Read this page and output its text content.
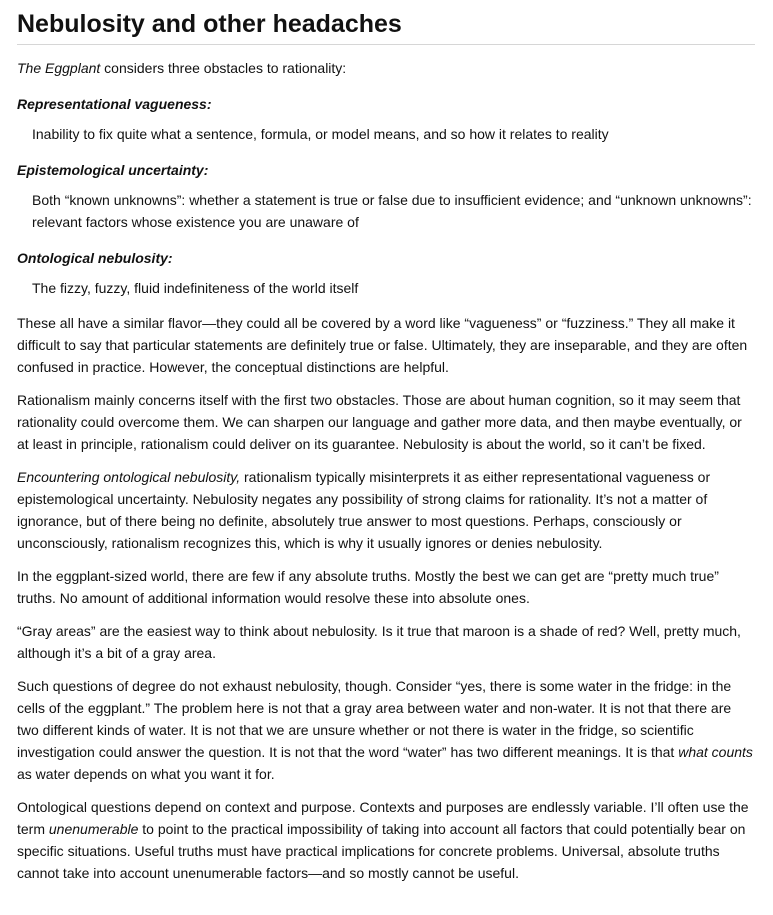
Nebulosity and other headaches

The Eggplant considers three obstacles to rationality:

Representational vagueness:

Inability to fix quite what a sentence, formula, or model means, and so how it relates to reality

Epistemological uncertainty:

Both “known unknowns”: whether a statement is true or false due to insufficient evidence; and “unknown unknowns”: relevant factors whose existence you are unaware of

Ontological nebulosity:

The fizzy, fuzzy, fluid indefiniteness of the world itself

These all have a similar flavor—they could all be covered by a word like “vagueness” or “fuzziness.” They all make it difficult to say that particular statements are definitely true or false. Ultimately, they are inseparable, and they are often confused in practice. However, the conceptual distinctions are helpful.

Rationalism mainly concerns itself with the first two obstacles. Those are about human cognition, so it may seem that rationality could overcome them. We can sharpen our language and gather more data, and then maybe eventually, or at least in principle, rationalism could deliver on its guarantee. Nebulosity is about the world, so it can’t be fixed.

Encountering ontological nebulosity, rationalism typically misinterprets it as either representational vagueness or epistemological uncertainty. Nebulosity negates any possibility of strong claims for rationality. It’s not a matter of ignorance, but of there being no definite, absolutely true answer to most questions. Perhaps, consciously or unconsciously, rationalism recognizes this, which is why it usually ignores or denies nebulosity.

In the eggplant-sized world, there are few if any absolute truths. Mostly the best we can get are “pretty much true” truths. No amount of additional information would resolve these into absolute ones.

“Gray areas” are the easiest way to think about nebulosity. Is it true that maroon is a shade of red? Well, pretty much, although it’s a bit of a gray area.

Such questions of degree do not exhaust nebulosity, though. Consider “yes, there is some water in the fridge: in the cells of the eggplant.” The problem here is not that a gray area between water and non-water. It is not that there are two different kinds of water. It is not that we are unsure whether or not there is water in the fridge, so scientific investigation could answer the question. It is not that the word “water” has two different meanings. It is that what counts as water depends on what you want it for.

Ontological questions depend on context and purpose. Contexts and purposes are endlessly variable. I’ll often use the term unenumerable to point to the practical impossibility of taking into account all factors that could potentially bear on specific situations. Useful truths must have practical implications for concrete problems. Universal, absolute truths cannot take into account unenumerable factors—and so mostly cannot be useful.
